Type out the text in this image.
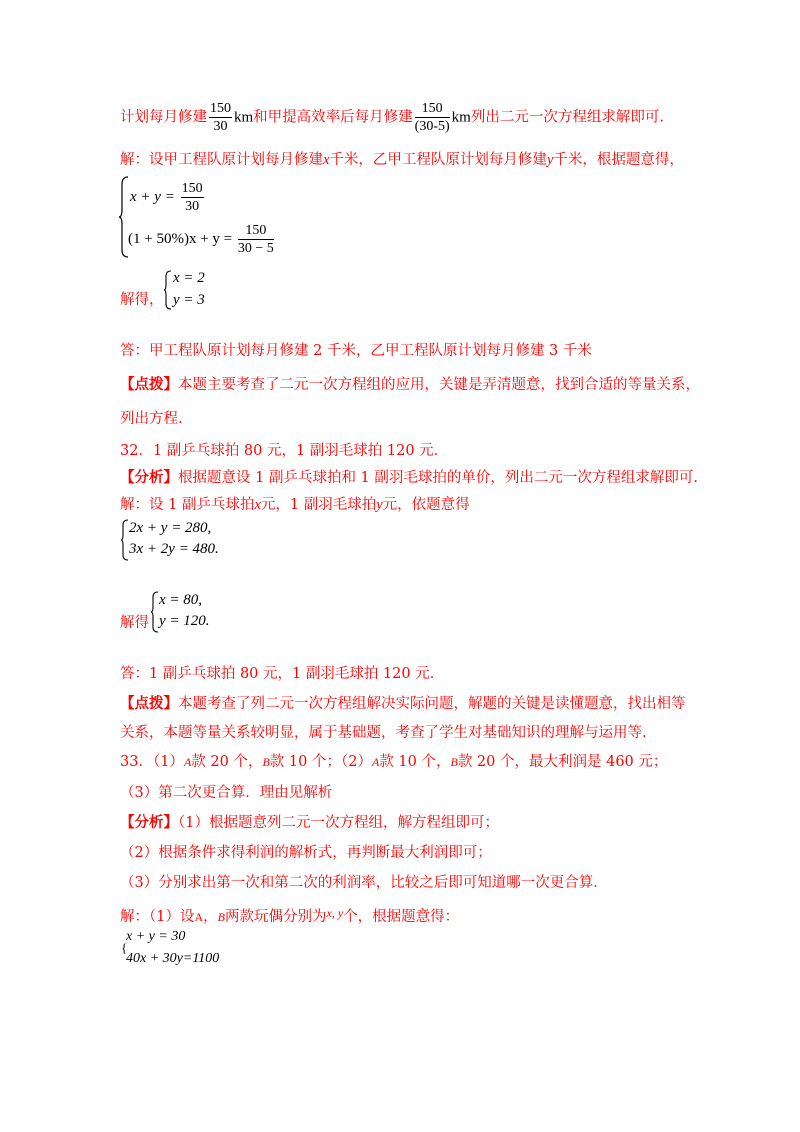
计划每月修建 $\frac{150}{30}$ km和甲提高效率后每月修建 $\frac{150}{(30-5)}$ km列出二元一次方程组求解即可.
解：设甲工程队原计划每月修建x千米，乙甲工程队原计划每月修建y千米，根据题意得，
$x + y = \frac{150}{30}$
$(1 + 50\%)x + y = \frac{150}{30 - 5}$
解得，
x = 2
y = 3
答：甲工程队原计划每月修建 2 千米，乙甲工程队原计划每月修建 3 千米
【点拨】本题主要考查了二元一次方程组的应用，关键是弄清题意，找到合适的等量关系，
列出方程.
32．1 副乒乓球拍 80 元，1 副羽毛球拍 120 元．
【分析】根据题意设 1 副乒乓球拍和 1 副羽毛球拍的单价，列出二元一次方程组求解即可.
解：设 1 副乒乓球拍x元，1 副羽毛球拍y元，依题意得
2x + y = 280,
3x + 2y = 480.
解得
x = 80,
y = 120.
答：1 副乒乓球拍 80 元，1 副羽毛球拍 120 元．
【点拨】本题考查了列二元一次方程组解决实际问题，解题的关键是读懂题意，找出相等
关系，本题等量关系较明显，属于基础题，考查了学生对基础知识的理解与运用等.
33．（1）A款 20 个，B款 10 个；（2）A款 10 个，B款 20 个，最大利润是 460 元；
（3）第二次更合算．理由见解析
【分析】（1）根据题意列二元一次方程组，解方程组即可；
（2）根据条件求得利润的解析式，再判断最大利润即可；
（3）分别求出第一次和第二次的利润率，比较之后即可知道哪一次更合算．
解：（1）设A，B两款玩偶分别为$^{x, y}$个，根据题意得：
{
x + y = 30
40x + 30y=1100
